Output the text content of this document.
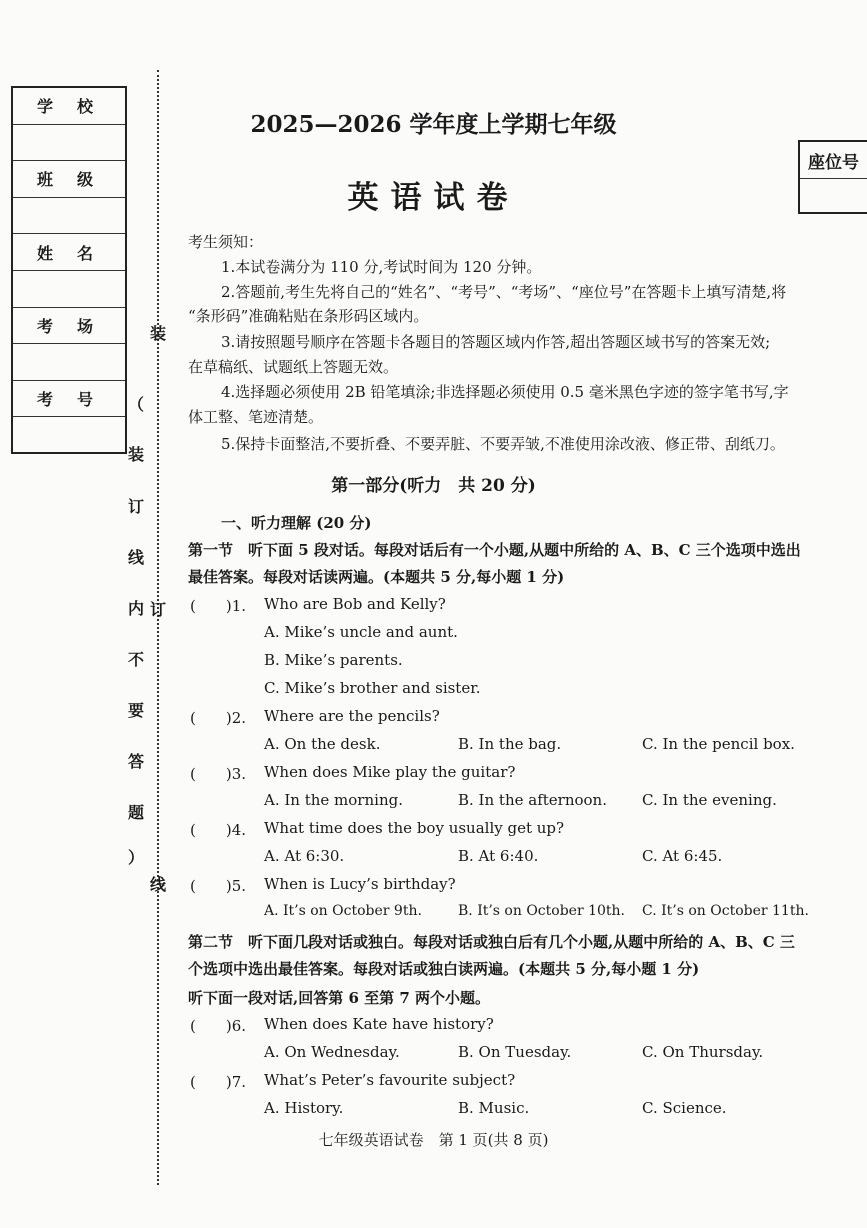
学校
班级
姓名
考场
考号
装
订
线
（
装
订
线
内
不
要
答
题
）
座位号
2025—2026 学年度上学期七年级
英语试卷
考生须知：
1.本试卷满分为 110 分,考试时间为 120 分钟。
2.答题前,考生先将自己的“姓名”、“考号”、“考场”、“座位号”在答题卡上填写清楚,将
“条形码”准确粘贴在条形码区域内。
3.请按照题号顺序在答题卡各题目的答题区域内作答,超出答题区域书写的答案无效;
在草稿纸、试题纸上答题无效。
4.选择题必须使用 2B 铅笔填涂;非选择题必须使用 0.5 毫米黑色字迹的签字笔书写,字
体工整、笔迹清楚。
5.保持卡面整洁,不要折叠、不要弄脏、不要弄皱,不准使用涂改液、修正带、刮纸刀。
第一部分(听力　共 20 分)
一、听力理解 (20 分)
第一节　听下面 5 段对话。每段对话后有一个小题,从题中所给的 A、B、C 三个选项中选出
最佳答案。每段对话读两遍。(本题共 5 分,每小题 1 分)
(　　)1. Who are Bob and Kelly?
A. Mike’s uncle and aunt.
B. Mike’s parents.
C. Mike’s brother and sister.
(　　)2. Where are the pencils?
A. On the desk.	B. In the bag.	C. In the pencil box.
(　　)3. When does Mike play the guitar?
A. In the morning.	B. In the afternoon. C. In the evening.
(　　)4. What time does the boy usually get up?
A. At 6:30.	B. At 6:40.	C. At 6:45.
(　　)5. When is Lucy’s birthday?
A. It’s on October 9th.	B. It’s on October 10th. C. It’s on October 11th.
第二节　听下面几段对话或独白。每段对话或独白后有几个小题,从题中所给的 A、B、C 三
个选项中选出最佳答案。每段对话或独白读两遍。(本题共 5 分,每小题 1 分)
听下面一段对话,回答第 6 至第 7 两个小题。
(　　)6. When does Kate have history?
A. On Wednesday.	B. On Tuesday.	C. On Thursday.
(　　)7. What’s Peter’s favourite subject?
A. History.	B. Music.	C. Science.
七年级英语试卷　第 1 页(共 8 页)
